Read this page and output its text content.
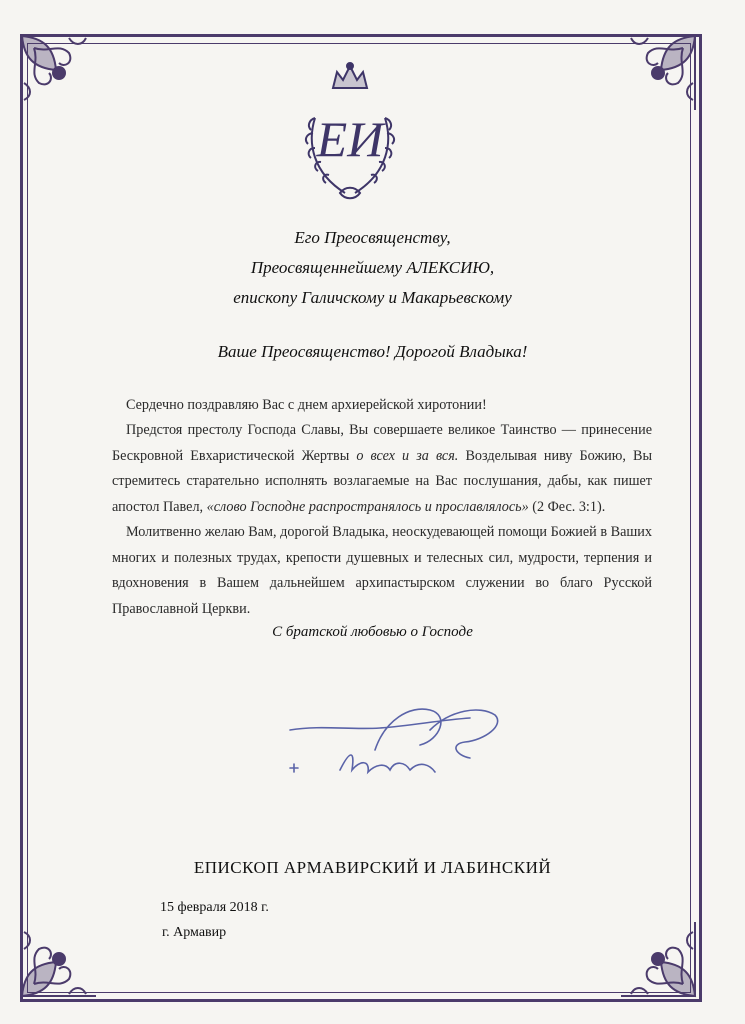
EИ
Его Преосвященству,
Преосвященнейшему АЛЕКСИЮ,
епископу Галичскому и Макарьевскому
Ваше Преосвященство! Дорогой Владыка!
Сердечно поздравляю Вас с днем архиерейской хиротонии!
Предстоя престолу Господа Славы, Вы совершаете великое Таинство — принесение Бескровной Евхаристической Жертвы о всех и за вся. Возделывая ниву Божию, Вы стремитесь старательно исполнять возлагаемые на Вас послушания, дабы, как пишет апостол Павел, «слово Господне распространялось и прославлялось» (2 Фес. 3:1).
Молитвенно желаю Вам, дорогой Владыка, неоскудевающей помощи Божией в Ваших многих и полезных трудах, крепости душевных и телесных сил, мудрости, терпения и вдохновения в Вашем дальнейшем архипастырском служении во благо Русской Православной Церкви.
С братской любовью о Господе
ЕПИСКОП АРМАВИРСКИЙ И ЛАБИНСКИЙ
15 февраля 2018 г.
г. Армавир
